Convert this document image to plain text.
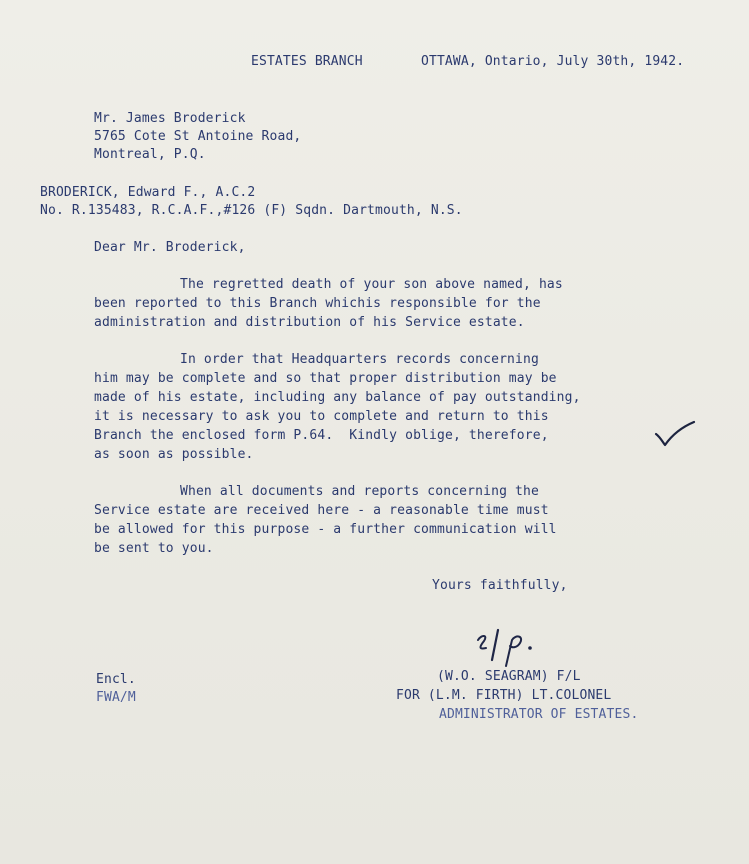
ESTATES BRANCH	OTTAWA, Ontario, July 30th, 1942.
Mr. James Broderick
5765 Cote St Antoine Road,
Montreal, P.Q.
BRODERICK, Edward F., A.C.2
No. R.135483, R.C.A.F.,#126 (F) Sqdn. Dartmouth, N.S.
Dear Mr. Broderick,
The regretted death of your son above named, has
been reported to this Branch whichis responsible for the
administration and distribution of his Service estate.
In order that Headquarters records concerning
him may be complete and so that proper distribution may be
made of his estate, including any balance of pay outstanding,
it is necessary to ask you to complete and return to this
Branch the enclosed form P.64.  Kindly oblige, therefore,
as soon as possible.
When all documents and reports concerning the
Service estate are received here - a reasonable time must
be allowed for this purpose - a further communication will
be sent to you.
Yours faithfully,
(W.O. SEAGRAM) F/L
FOR (L.M. FIRTH) LT.COLONEL
ADMINISTRATOR OF ESTATES.
Encl.
FWA/M
